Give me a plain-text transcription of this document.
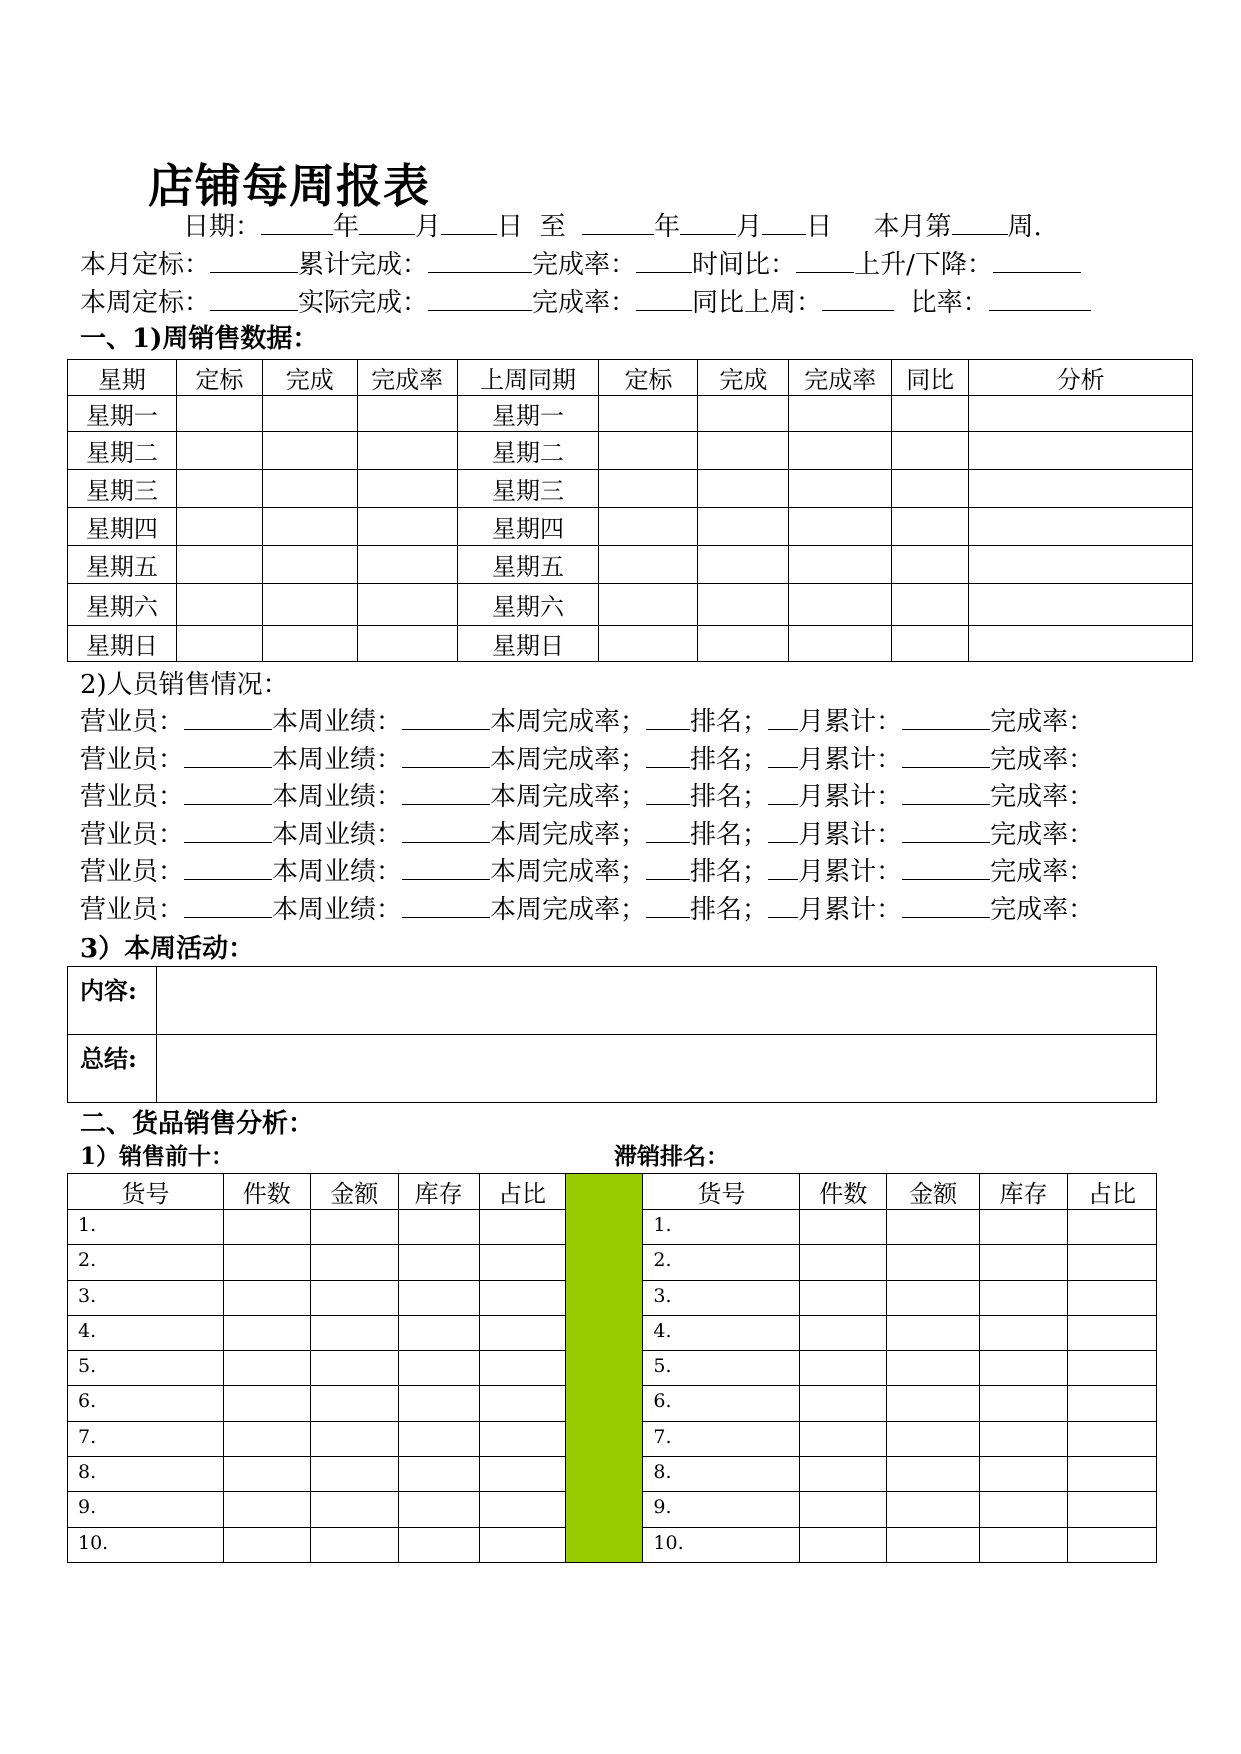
店铺每周报表
日期：	年 月 日 至	年 月 日 本月第 周.
本月定标：	累计完成：	完成率： 时间比： 上升/下降：
本周定标：	实际完成：	完成率： 同比上周：	比率：
一、1)周销售数据：
星期	定标	完成	完成率	上周同期	定标	完成	完成率	同比	分析
星期一				星期一					
星期二				星期二					
星期三				星期三					
星期四				星期四					
星期五				星期五					
星期六				星期六					
星期日				星期日					
2)人员销售情况：
营业员：	本周业绩：	本周完成率； 排名； 月累计：	完成率：
营业员：	本周业绩：	本周完成率； 排名； 月累计：	完成率：
营业员：	本周业绩：	本周完成率； 排名； 月累计：	完成率：
营业员：	本周业绩：	本周完成率； 排名； 月累计：	完成率：
营业员：	本周业绩：	本周完成率； 排名； 月累计：	完成率：
营业员：	本周业绩：	本周完成率； 排名； 月累计：	完成率：
3）本周活动：
内容:	
总结:	
二、货品销售分析：
1）销售前十：	滞销排名：
货号	件数	金额	库存	占比		货号	件数	金额	库存	占比
1.						1.				
2.						2.				
3.						3.				
4.						4.				
5.						5.				
6.						6.				
7.						7.				
8.						8.				
9.						9.				
10.						10.				
